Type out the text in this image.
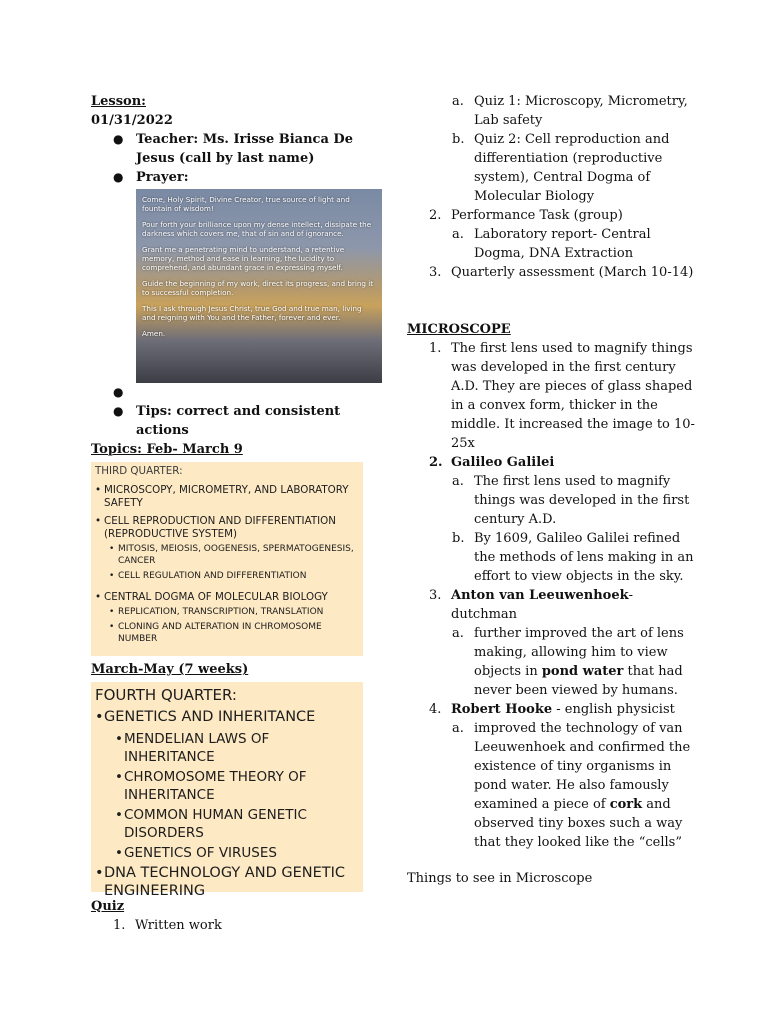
Lesson:
01/31/2022
● Teacher: Ms. Irisse Bianca De Jesus (call by last name)
● Prayer:

Come, Holy Spirit, Divine Creator, true source of light and fountain of wisdom!

Pour forth your brilliance upon my dense intellect, dissipate the darkness which covers me, that of sin and of ignorance.

Grant me a penetrating mind to understand, a retentive memory, method and ease in learning, the lucidity to comprehend, and abundant grace in expressing myself.

Guide the beginning of my work, direct its progress, and bring it to successful completion.

This I ask through Jesus Christ, true God and true man, living and reigning with You and the Father, forever and ever.

Amen.

●
● Tips: correct and consistent actions
Topics: Feb- March 9
THIRD QUARTER:
• MICROSCOPY, MICROMETRY, AND LABORATORY SAFETY
• CELL REPRODUCTION AND DIFFERENTIATION (REPRODUCTIVE SYSTEM)
• MITOSIS, MEIOSIS, OOGENESIS, SPERMATOGENESIS, CANCER
• CELL REGULATION AND DIFFERENTIATION
• CENTRAL DOGMA OF MOLECULAR BIOLOGY
• REPLICATION, TRANSCRIPTION, TRANSLATION
• CLONING AND ALTERATION IN CHROMOSOME NUMBER
March-May (7 weeks)
FOURTH QUARTER:
• GENETICS AND INHERITANCE
• MENDELIAN LAWS OF INHERITANCE
• CHROMOSOME THEORY OF INHERITANCE
• COMMON HUMAN GENETIC DISORDERS
• GENETICS OF VIRUSES
• DNA TECHNOLOGY AND GENETIC ENGINEERING
Quiz
1. Written work
a. Quiz 1: Microscopy, Micrometry, Lab safety
b. Quiz 2: Cell reproduction and differentiation (reproductive system), Central Dogma of Molecular Biology
2. Performance Task (group)
a. Laboratory report- Central Dogma, DNA Extraction
3. Quarterly assessment (March 10-14)
MICROSCOPE
1. The first lens used to magnify things was developed in the first century A.D. They are pieces of glass shaped in a convex form, thicker in the middle. It increased the image to 10-25x
2. Galileo Galilei
a. The first lens used to magnify things was developed in the first century A.D.
b. By 1609, Galileo Galilei refined the methods of lens making in an effort to view objects in the sky.
3. Anton van Leeuwenhoek- dutchman
a. further improved the art of lens making, allowing him to view objects in pond water that had never been viewed by humans.
4. Robert Hooke - english physicist
a. improved the technology of van Leeuwenhoek and confirmed the existence of tiny organisms in pond water. He also famously examined a piece of cork and observed tiny boxes such a way that they looked like the “cells”
Things to see in Microscope
